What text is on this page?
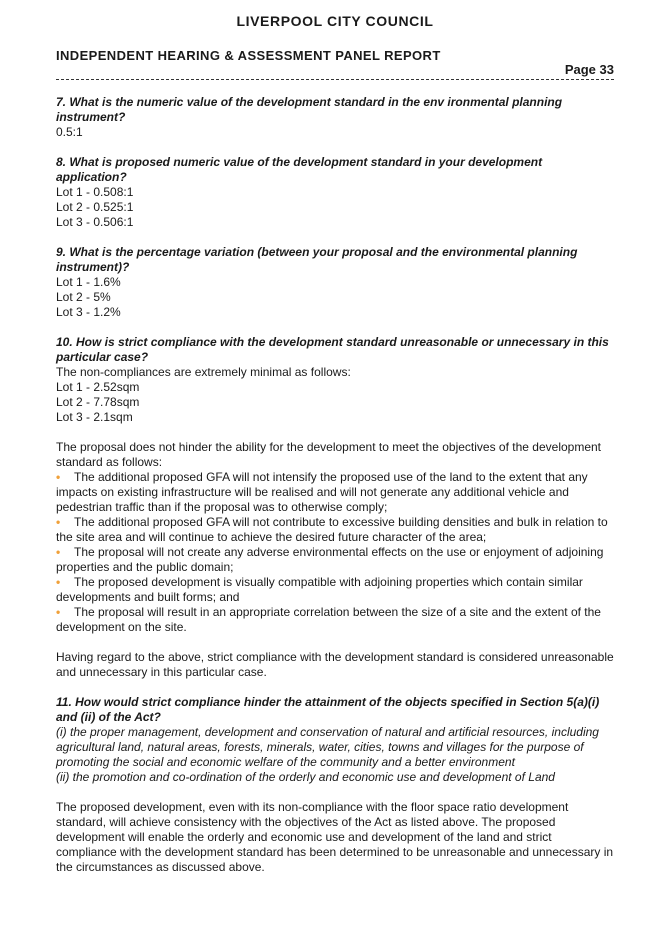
LIVERPOOL CITY COUNCIL
INDEPENDENT HEARING & ASSESSMENT PANEL REPORT
Page 33

7. What is the numeric value of the development standard in the env ironmental planning instrument?

0.5:1

8. What is proposed numeric value of the development standard in your development application?

Lot 1 - 0.508:1

Lot 2 - 0.525:1

Lot 3 - 0.506:1

9. What is the percentage variation (between your proposal and the environmental planning instrument)?

Lot 1 - 1.6%

Lot 2 - 5%

Lot 3 - 1.2%

10. How is strict compliance with the development standard unreasonable or unnecessary in this particular case?

The non-compliances are extremely minimal as follows:

Lot 1 - 2.52sqm

Lot 2 - 7.78sqm

Lot 3 - 2.1sqm

The proposal does not hinder the ability for the development to meet the objectives of the development standard as follows:

• The additional proposed GFA will not intensify the proposed use of the land to the extent that any impacts on existing infrastructure will be realised and will not generate any additional vehicle and pedestrian traffic than if the proposal was to otherwise comply;

• The additional proposed GFA will not contribute to excessive building densities and bulk in relation to the site area and will continue to achieve the desired future character of the area;

• The proposal will not create any adverse environmental effects on the use or enjoyment of adjoining properties and the public domain;

• The proposed development is visually compatible with adjoining properties which contain similar developments and built forms; and

• The proposal will result in an appropriate correlation between the size of a site and the extent of the development on the site.

Having regard to the above, strict compliance with the development standard is considered unreasonable and unnecessary in this particular case.

11. How would strict compliance hinder the attainment of the objects specified in Section 5(a)(i) and (ii) of the Act?

(i) the proper management, development and conservation of natural and artificial resources, including agricultural land, natural areas, forests, minerals, water, cities, towns and villages for the purpose of promoting the social and economic welfare of the community and a better environment

(ii) the promotion and co-ordination of the orderly and economic use and development of Land

The proposed development, even with its non-compliance with the floor space ratio development standard, will achieve consistency with the objectives of the Act as listed above. The proposed development will enable the orderly and economic use and development of the land and strict compliance with the development standard has been determined to be unreasonable and unnecessary in the circumstances as discussed above.
